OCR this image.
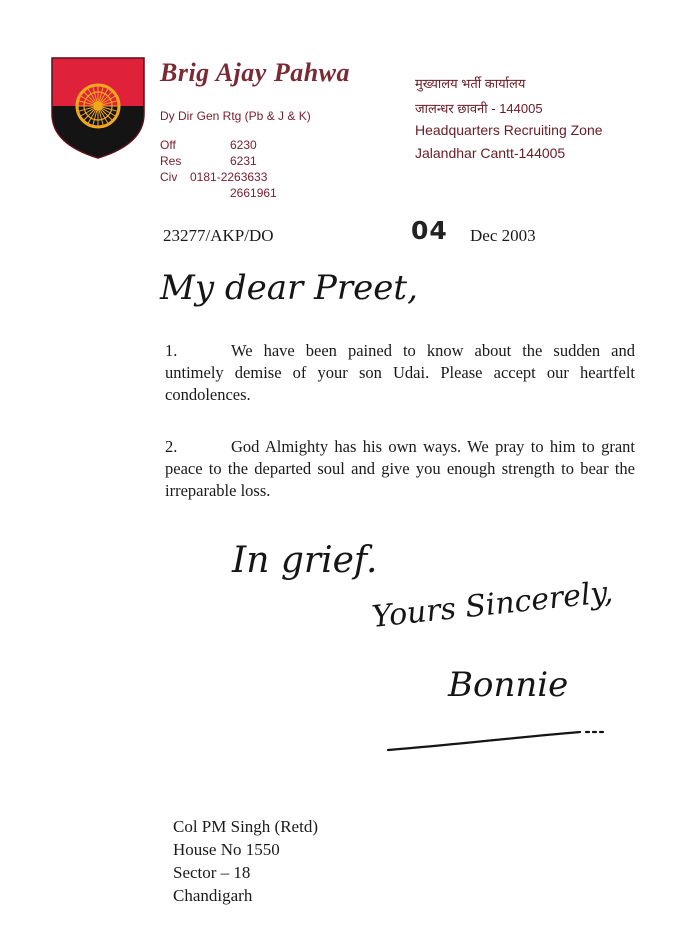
Brig Ajay Pahwa
Dy Dir Gen Rtg (Pb & J & K)
Off	6230
Res	6231
Civ 0181-2263633
2661961
मुख्यालय भर्ती कार्यालय
जालन्धर छावनी - 144005
Headquarters Recruiting Zone
Jalandhar Cantt-144005
23277/AKP/DO	04 Dec 2003
My dear Preet,
1.	We have been pained to know about the sudden and untimely demise of your son Udai. Please accept our heartfelt condolences.
2.	God Almighty has his own ways. We pray to him to grant peace to the departed soul and give you enough strength to bear the irreparable loss.
In grief.
Yours Sincerely,
Bonnie
Col PM Singh (Retd)
House No 1550
Sector – 18
Chandigarh
